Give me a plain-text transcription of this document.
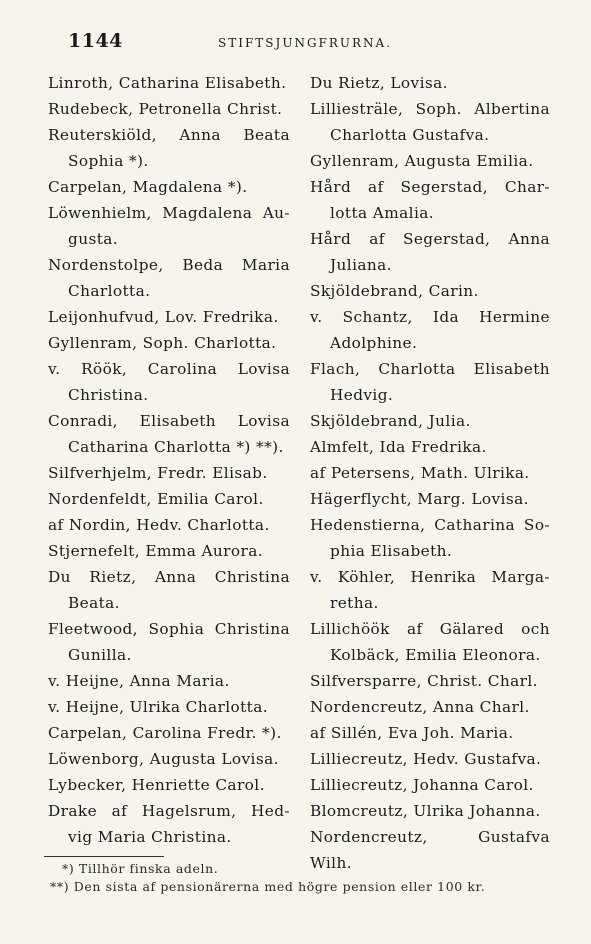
1144	STIFTSJUNGFRURNA.
Linroth, Catharina Elisabeth.
Rudebeck, Petronella Christ.
Reuterskiöld, Anna Beata
Sophia *).
Carpelan, Magdalena *).
Löwenhielm, Magdalena Au-
gusta.
Nordenstolpe, Beda Maria
Charlotta.
Leijonhufvud, Lov. Fredrika.
Gyllenram, Soph. Charlotta.
v. Röök, Carolina Lovisa
Christina.
Conradi, Elisabeth Lovisa
Catharina Charlotta *) **).
Silfverhjelm, Fredr. Elisab.
Nordenfeldt, Emilia Carol.
af Nordin, Hedv. Charlotta.
Stjernefelt, Emma Aurora.
Du Rietz, Anna Christina
Beata.
Fleetwood, Sophia Christina
Gunilla.
v. Heijne, Anna Maria.
v. Heijne, Ulrika Charlotta.
Carpelan, Carolina Fredr. *).
Löwenborg, Augusta Lovisa.
Lybecker, Henriette Carol.
Drake af Hagelsrum, Hed-
vig Maria Christina.
Du Rietz, Lovisa.
Lilliesträle, Soph. Albertina
Charlotta Gustafva.
Gyllenram, Augusta Emilia.
Hård af Segerstad, Char-
lotta Amalia.
Hård af Segerstad, Anna
Juliana.
Skjöldebrand, Carin.
v. Schantz, Ida Hermine
Adolphine.
Flach, Charlotta Elisabeth
Hedvig.
Skjöldebrand, Julia.
Almfelt, Ida Fredrika.
af Petersens, Math. Ulrika.
Hägerflycht, Marg. Lovisa.
Hedenstierna, Catharina So-
phia Elisabeth.
v. Köhler, Henrika Marga-
retha.
Lillichöök af Gälared och
Kolbäck, Emilia Eleonora.
Silfversparre, Christ. Charl.
Nordencreutz, Anna Charl.
af Sillén, Eva Joh. Maria.
Lilliecreutz, Hedv. Gustafva.
Lilliecreutz, Johanna Carol.
Blomcreutz, Ulrika Johanna.
Nordencreutz, Gustafva Wilh.
*) Tillhör finska adeln.
**) Den sista af pensionärerna med högre pension eller 100 kr.
